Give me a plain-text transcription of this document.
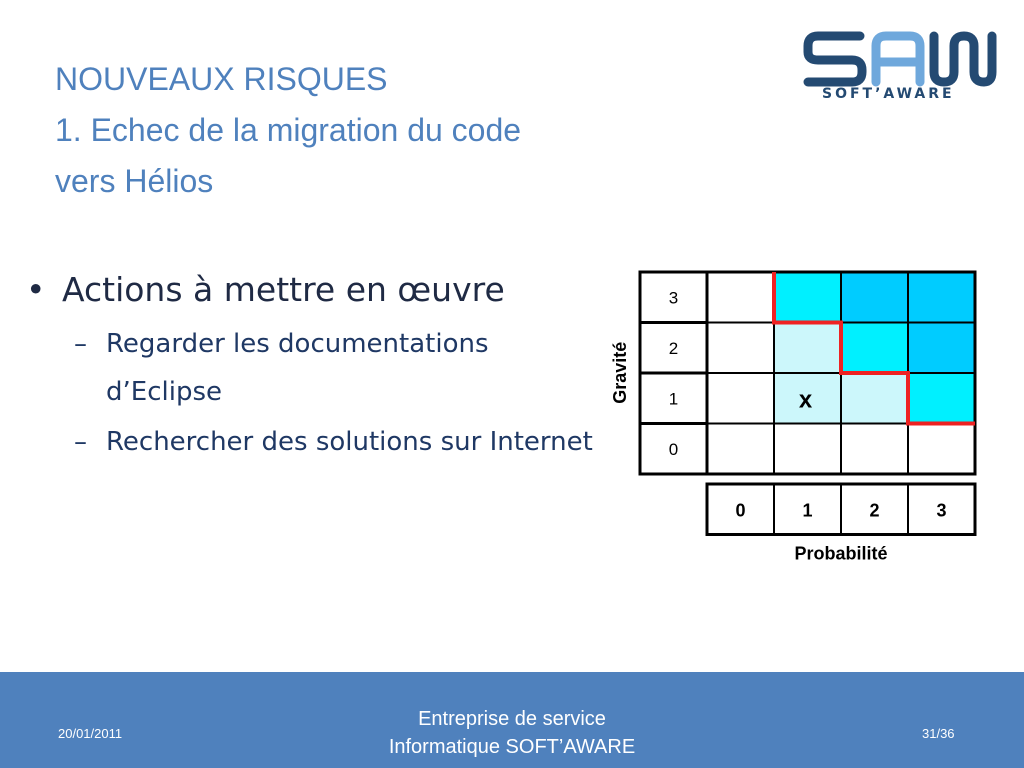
NOUVEAUX RISQUES
1. Echec de la migration du code
vers Hélios
SOFT’AWARE
• Actions à mettre en œuvre
– Regarder les documentations d’Eclipse
– Rechercher des solutions sur Internet
3
2
1
0
0	1	2	3
x
Probabilité
Gravité
20/01/2011
Entreprise de service
Informatique SOFT’AWARE
31/36
